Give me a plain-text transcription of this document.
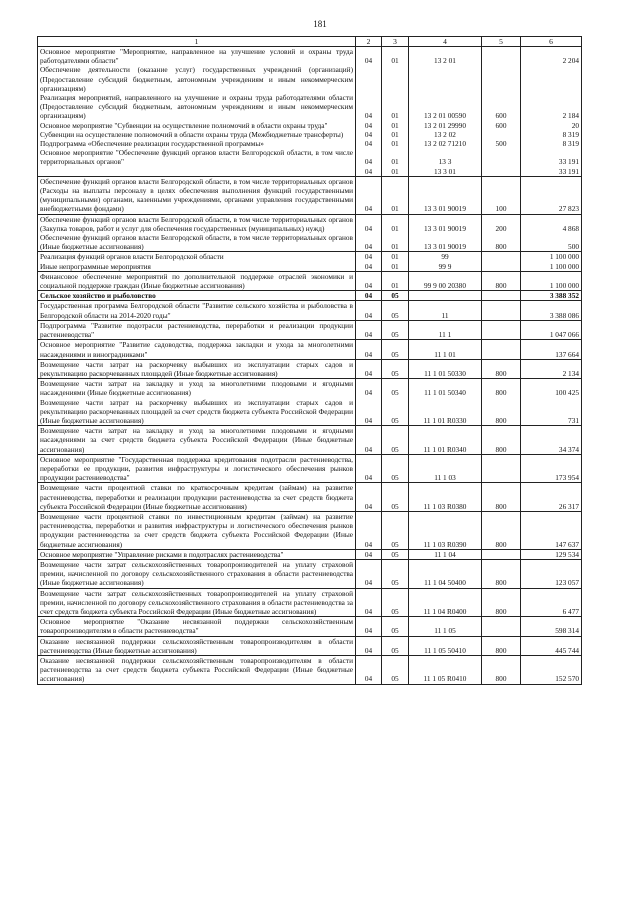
181
1	2	3	4	5	6
Основное мероприятие "Мероприятие, направленное на улучшение условий и охраны труда работодателями области"	04	01	13 2 01		2 204
Обеспечение деятельности (оказание услуг) государственных учреждений (организаций) (Предоставление субсидий бюджетным, автономным учреждениям и иным некоммерческим организациям)					
Реализация мероприятий, направленного на улучшение и охраны труда работодателями области (Предоставление субсидий бюджетным, автономным учреждениям и иным некоммерческим организациям)	04	01	13 2 01 00590	600	2 184
Основное мероприятие "Субвенции на осуществление полномочий в области охраны труда"	04	01	13 2 01 29990	600	20
Субвенции на осуществление полномочий в области охраны труда (Межбюджетные трансферты)	04	01	13 2 02		8 319
Подпрограмма «Обеспечение реализации государственной программы»	04	01	13 2 02 71210	500	8 319
Основное мероприятие "Обеспечение функций органов власти Белгородской области, в том числе территориальных органов"	04	01	13 3		33 191
	04	01	13 3 01		33 191
Обеспечение функций органов власти Белгородской области, в том числе территориальных органов (Расходы на выплаты персоналу в целях обеспечения выполнения функций государственными (муниципальными) органами, казенными учреждениями, органами управления государственными внебюджетными фондами)	04	01	13 3 01 90019	100	27 823
Обеспечение функций органов власти Белгородской области, в том числе территориальных органов (Закупка товаров, работ и услуг для обеспечения государственных (муниципальных) нужд)	04	01	13 3 01 90019	200	4 868
Обеспечение функций органов власти Белгородской области, в том числе территориальных органов (Иные бюджетные ассигнования)	04	01	13 3 01 90019	800	500
Реализация функций органов власти Белгородской области	04	01	99		1 100 000
Иные непрограммные мероприятия	04	01	99 9		1 100 000
Финансовое обеспечение мероприятий по дополнительной поддержке отраслей экономики и социальной поддержке граждан (Иные бюджетные ассигнования)	04	01	99 9 00 20380	800	1 100 000
Сельское хозяйство и рыболовство	04	05			3 388 352
Государственная программа Белгородской области "Развитие сельского хозяйства и рыболовства в Белгородской области на 2014-2020 годы"	04	05	11		3 388 086
Подпрограмма "Развитие подотрасли растениеводства, переработки и реализации продукции растениеводства"	04	05	11 1		1 047 066
Основное мероприятие "Развитие садоводства, поддержка закладки и ухода за многолетними насаждениями и виноградниками"	04	05	11 1 01		137 664
Возмещение части затрат на раскорчевку выбывших из эксплуатации старых садов и рекультивацию раскорчеванных площадей (Иные бюджетные ассигнования)	04	05	11 1 01 50330	800	2 134
Возмещение части затрат на закладку и уход за многолетними плодовыми и ягодными насаждениями (Иные бюджетные ассигнования)	04	05	11 1 01 50340	800	100 425
Возмещение части затрат на раскорчевку выбывших из эксплуатации старых садов и рекультивацию раскорчеванных площадей за счет средств бюджета субъекта Российской Федерации (Иные бюджетные ассигнования)	04	05	11 1 01 R0330	800	731
Возмещение части затрат на закладку и уход за многолетними плодовыми и ягодными насаждениями за счет средств бюджета субъекта Российской Федерации (Иные бюджетные ассигнования)	04	05	11 1 01 R0340	800	34 374
Основное мероприятие "Государственная поддержка кредитования подотрасли растениеводства, переработки ее продукции, развития инфраструктуры и логистического обеспечения рынков продукции растениеводства"	04	05	11 1 03		173 954
Возмещение части процентной ставки по краткосрочным кредитам (займам) на развитие растениеводства, переработки и реализации продукции растениеводства за счет средств бюджета субъекта Российской Федерации (Иные бюджетные ассигнования)	04	05	11 1 03 R0380	800	26 317
Возмещение части процентной ставки по инвестиционным кредитам (займам) на развитие растениеводства, переработки и развития инфраструктуры и логистического обеспечения рынков продукции растениеводства за счет средств бюджета субъекта Российской Федерации (Иные бюджетные ассигнования)	04	05	11 1 03 R0390	800	147 637
Основное мероприятие "Управление рисками в подотраслях растениеводства"	04	05	11 1 04		129 534
Возмещение части затрат сельскохозяйственных товаропроизводителей на уплату страховой премии, начисленной по договору сельскохозяйственного страхования в области растениеводства (Иные бюджетные ассигнования)	04	05	11 1 04 50400	800	123 057
Возмещение части затрат сельскохозяйственных товаропроизводителей на уплату страховой премии, начисленной по договору сельскохозяйственного страхования в области растениеводства за счет средств бюджета субъекта Российской Федерации (Иные бюджетные ассигнования)	04	05	11 1 04 R0400	800	6 477
Основное мероприятие "Оказание несвязанной поддержки сельскохозяйственным товаропроизводителям в области растениеводства"	04	05	11 1 05		598 314
Оказание несвязанной поддержки сельскохозяйственным товаропроизводителям в области растениеводства (Иные бюджетные ассигнования)	04	05	11 1 05 50410	800	445 744
Оказание несвязанной поддержки сельскохозяйственным товаропроизводителям в области растениеводства за счет средств бюджета субъекта Российской Федерации (Иные бюджетные ассигнования)	04	05	11 1 05 R0410	800	152 570
